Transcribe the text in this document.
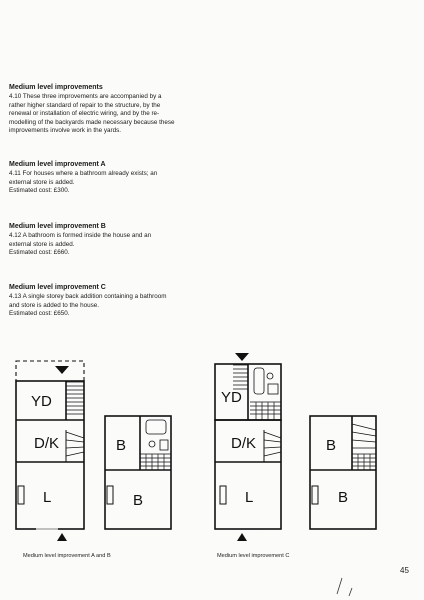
Medium level improvements
4.10 These three improvements are accompanied by a
rather higher standard of repair to the structure, by the
renewal or installation of electric wiring, and by the re-
modelling of the backyards made necessary because these
improvements involve work in the yards.
Medium level improvement A
4.11 For houses where a bathroom already exists; an
external store is added.
Estimated cost: £300.
Medium level improvement B
4.12 A bathroom is formed inside the house and an
external store is added.
Estimated cost: £660.
Medium level improvement C
4.13 A single storey back addition containing a bathroom
and store is added to the house.
Estimated cost: £650.
YD
D/K
L
B
B
YD
D/K
L
B
B
Medium level improvement A and B	Medium level improvement C
45
